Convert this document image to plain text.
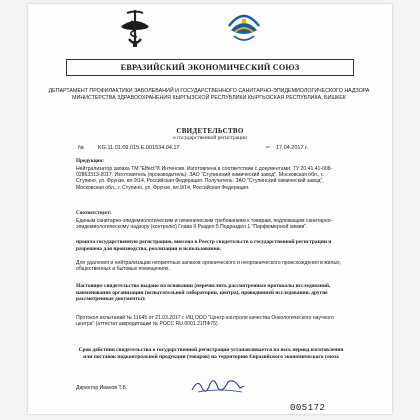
ЕВРАЗИЙСКИЙ ЭКОНОМИЧЕСКИЙ СОЮЗ
ДЕПАРТАМЕНТ ПРОФИЛАКТИКИ ЗАБОЛЕВАНИЙ И ГОСУДАРСТВЕННОГО САНИТАРНО-ЭПИДЕМИОЛОГИЧЕСКОГО НАДЗОРА МИНИСТЕРСТВА ЗДРАВООХРАНЕНИЯ КЫРГЫЗСКОЙ РЕСПУБЛИКИ КЫРГЫЗСКАЯ РЕСПУБЛИКА, БИШКЕК
СВИДЕТЕЛЬСТВО
о государственной регистрации
№	KG.11.01.09.015.Е.001534.04.17	от 17.04.2017 г.
Продукция:
Нейтрализатор запаха ТМ "Effect"® Интенсив. Изготовлена в соответствии с документами: ТУ 20.41.41-008-02863313-2017. Изготовитель (производитель): ЗАО "Ступинский химический завод", Московская обл., г. Ступино, ул. Фрунзе, вл.9/14, Российская Федерация. Получатель: ЗАО "Ступинский химический завод", Московская обл., г. Ступино, ул. Фрунзе, вл.9/14, Российская Федерация.
Соответствует:
Единым санитарно-эпидемиологическим и гигиеническим требованиям к товарам, подлежащим санитарно-эпидемиологическому надзору (контролю) Глава II Раздел 5 Подраздел 1 "Парфюмерной химии".
прошла государственную регистрацию, внесена в Реестр свидетельств о государственной регистрации и разрешена для производства, реализации и использования.
Для удаления и нейтрализации неприятных запахов органического и неорганического происхождения в жилых, общественных и бытовых помещениях.
Настоящее свидетельство выдано на основании (перечислить рассмотренные протоколы исследований, наименование организации (испытательной лаборатории, центра), проводившей исследования, другие рассмотренные документы):
Протокол испытаний № 11645 от 21.03.2017 г. ИЦ ООО "Центр контроля качества Онкологического научного центра" (аттестат аккредитации № РОСС RU.0001.21ПФ75)
Срок действия свидетельства о государственной регистрации устанавливается на весь период изготовления или поставок подконтрольной продукции (товаров) на территорию Евразийского экономического союза
Директор Иванов Т.Б.
005172
